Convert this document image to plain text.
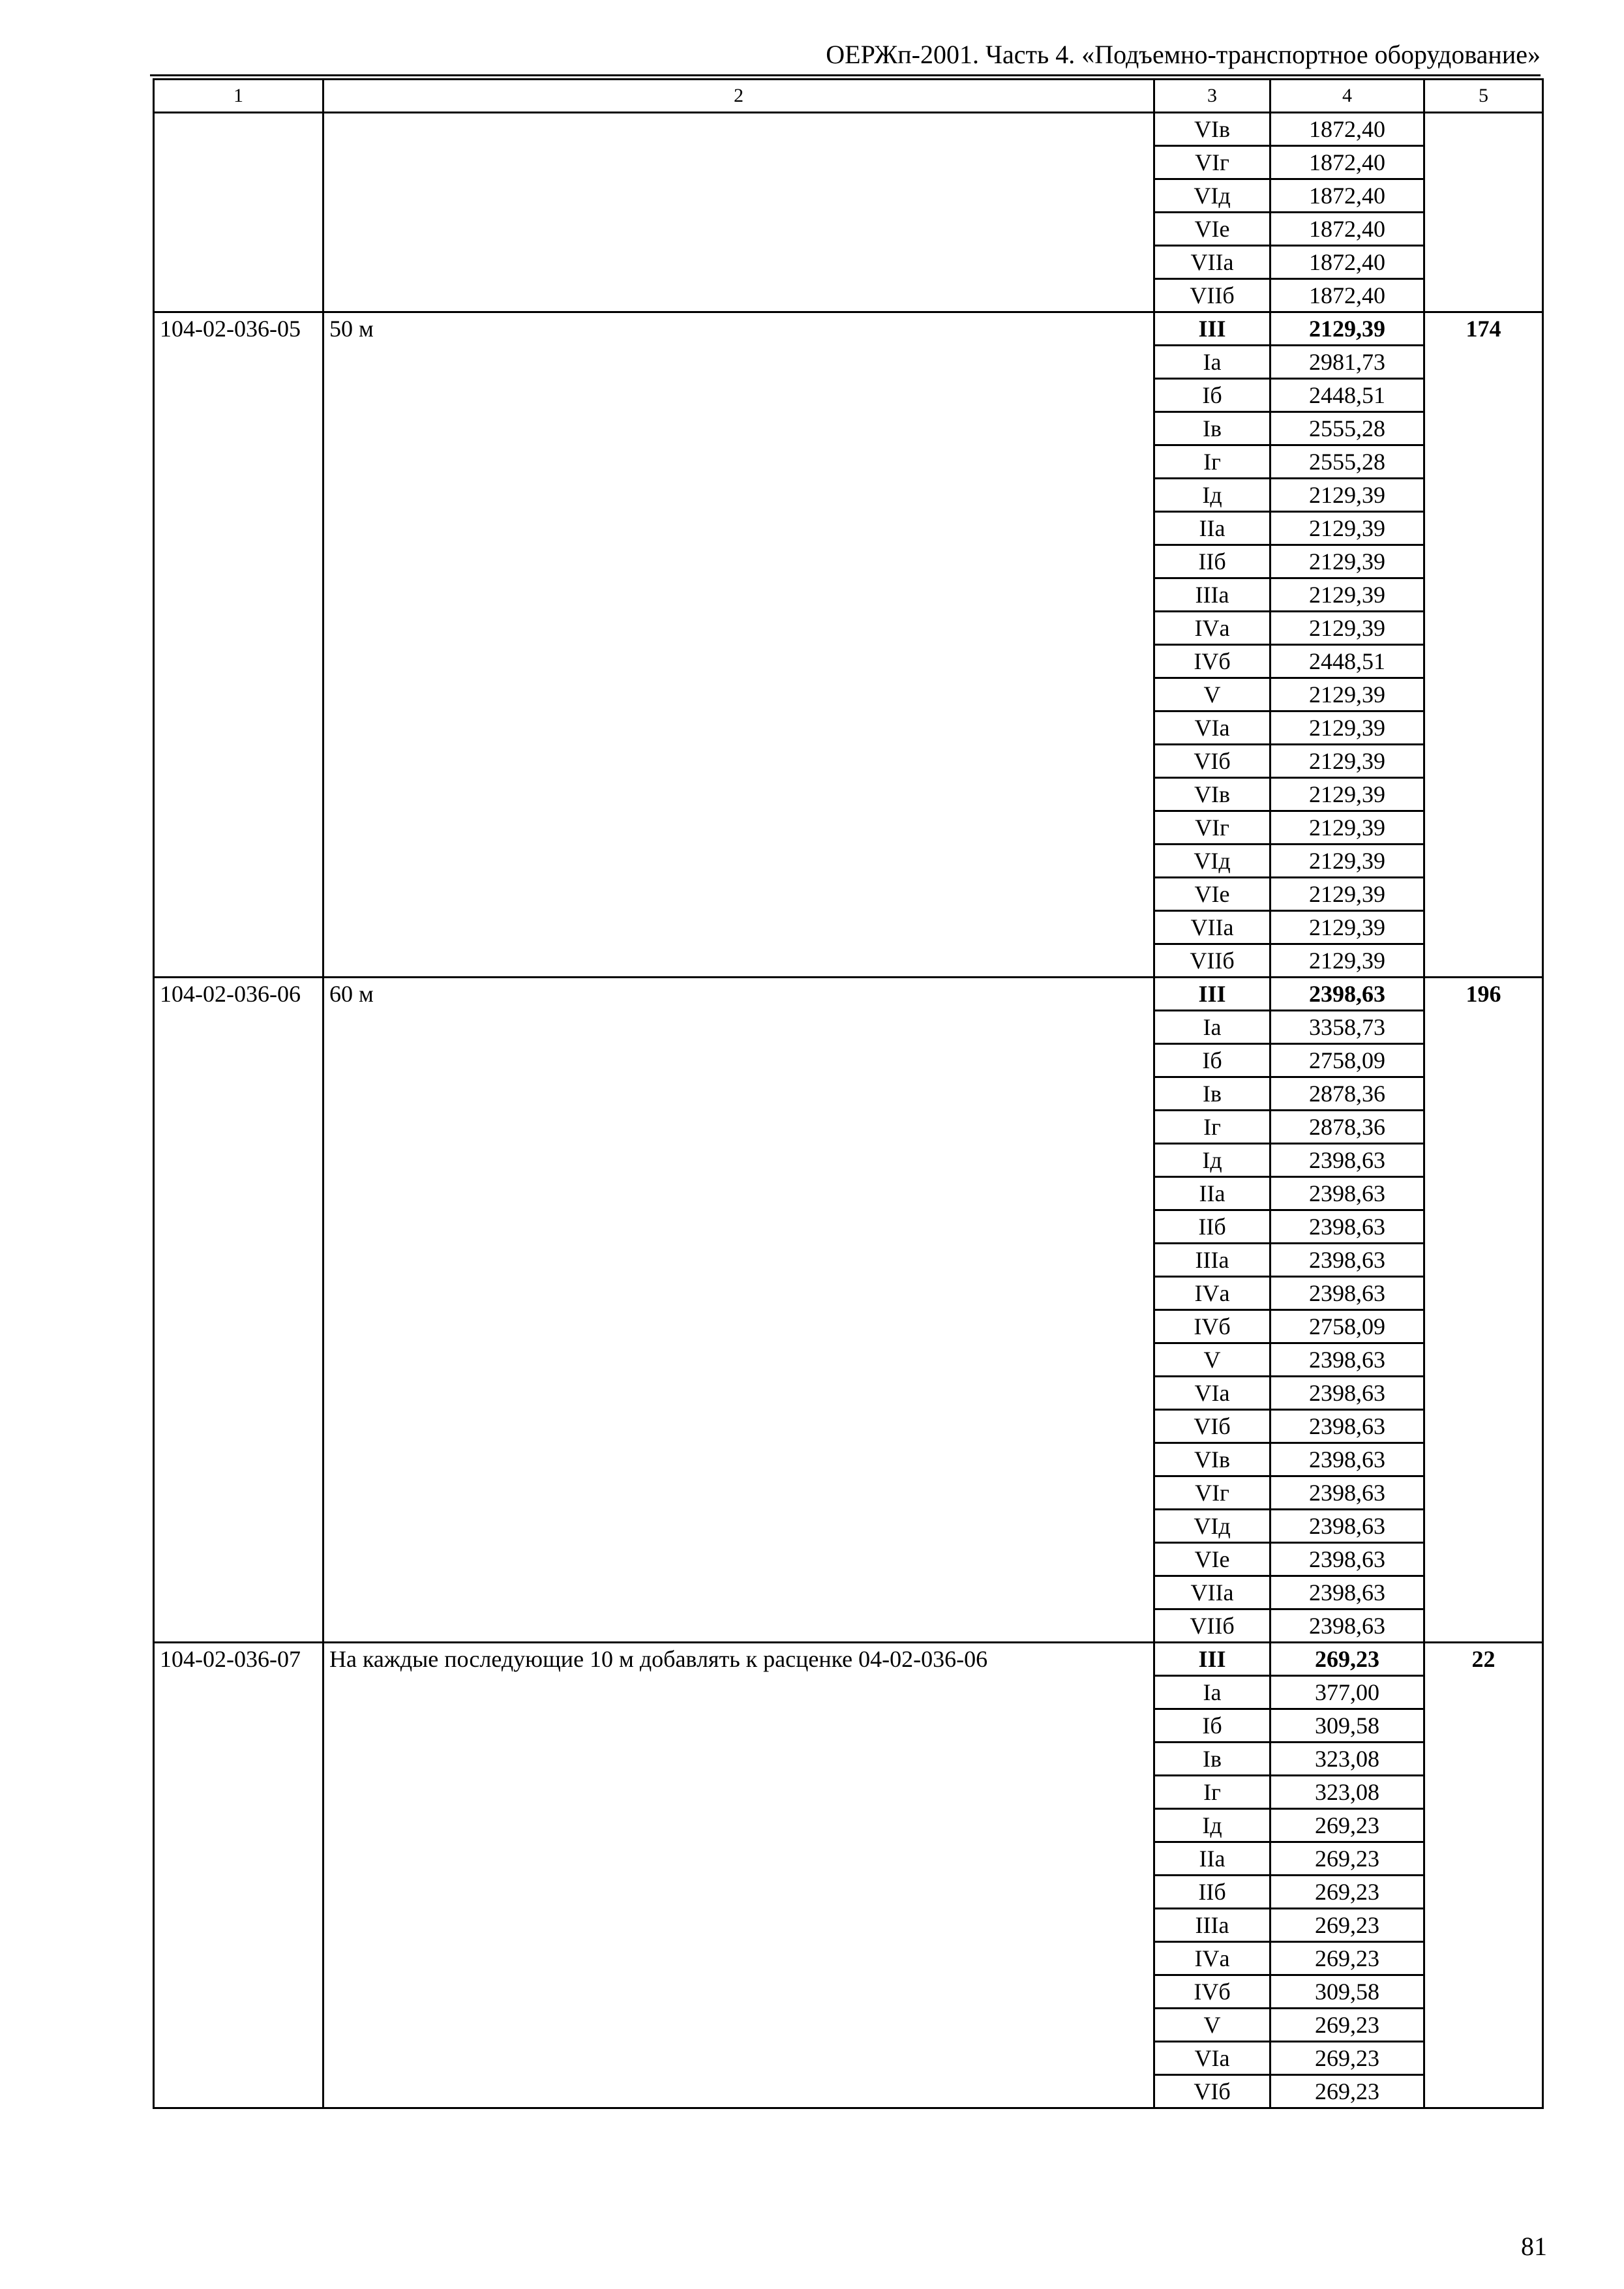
ОЕРЖп-2001. Часть 4. «Подъемно-транспортное оборудование»
1	2	3	4	5
		VIв	1872,40	
		VIг	1872,40	
		VIд	1872,40	
		VIе	1872,40	
		VIIа	1872,40	
		VIIб	1872,40	
104-02-036-05	50 м	III	2129,39	174
		Iа	2981,73	
		Iб	2448,51	
		Iв	2555,28	
		Iг	2555,28	
		Iд	2129,39	
		IIа	2129,39	
		IIб	2129,39	
		IIIа	2129,39	
		IVа	2129,39	
		IVб	2448,51	
		V	2129,39	
		VIа	2129,39	
		VIб	2129,39	
		VIв	2129,39	
		VIг	2129,39	
		VIд	2129,39	
		VIе	2129,39	
		VIIа	2129,39	
		VIIб	2129,39	
104-02-036-06	60 м	III	2398,63	196
		Iа	3358,73	
		Iб	2758,09	
		Iв	2878,36	
		Iг	2878,36	
		Iд	2398,63	
		IIа	2398,63	
		IIб	2398,63	
		IIIа	2398,63	
		IVа	2398,63	
		IVб	2758,09	
		V	2398,63	
		VIа	2398,63	
		VIб	2398,63	
		VIв	2398,63	
		VIг	2398,63	
		VIд	2398,63	
		VIе	2398,63	
		VIIа	2398,63	
		VIIб	2398,63	
104-02-036-07	На каждые последующие 10 м добавлять к расценке 04-02-036-06	III	269,23	22
		Iа	377,00	
		Iб	309,58	
		Iв	323,08	
		Iг	323,08	
		Iд	269,23	
		IIа	269,23	
		IIб	269,23	
		IIIа	269,23	
		IVа	269,23	
		IVб	309,58	
		V	269,23	
		VIа	269,23	
		VIб	269,23	
81
